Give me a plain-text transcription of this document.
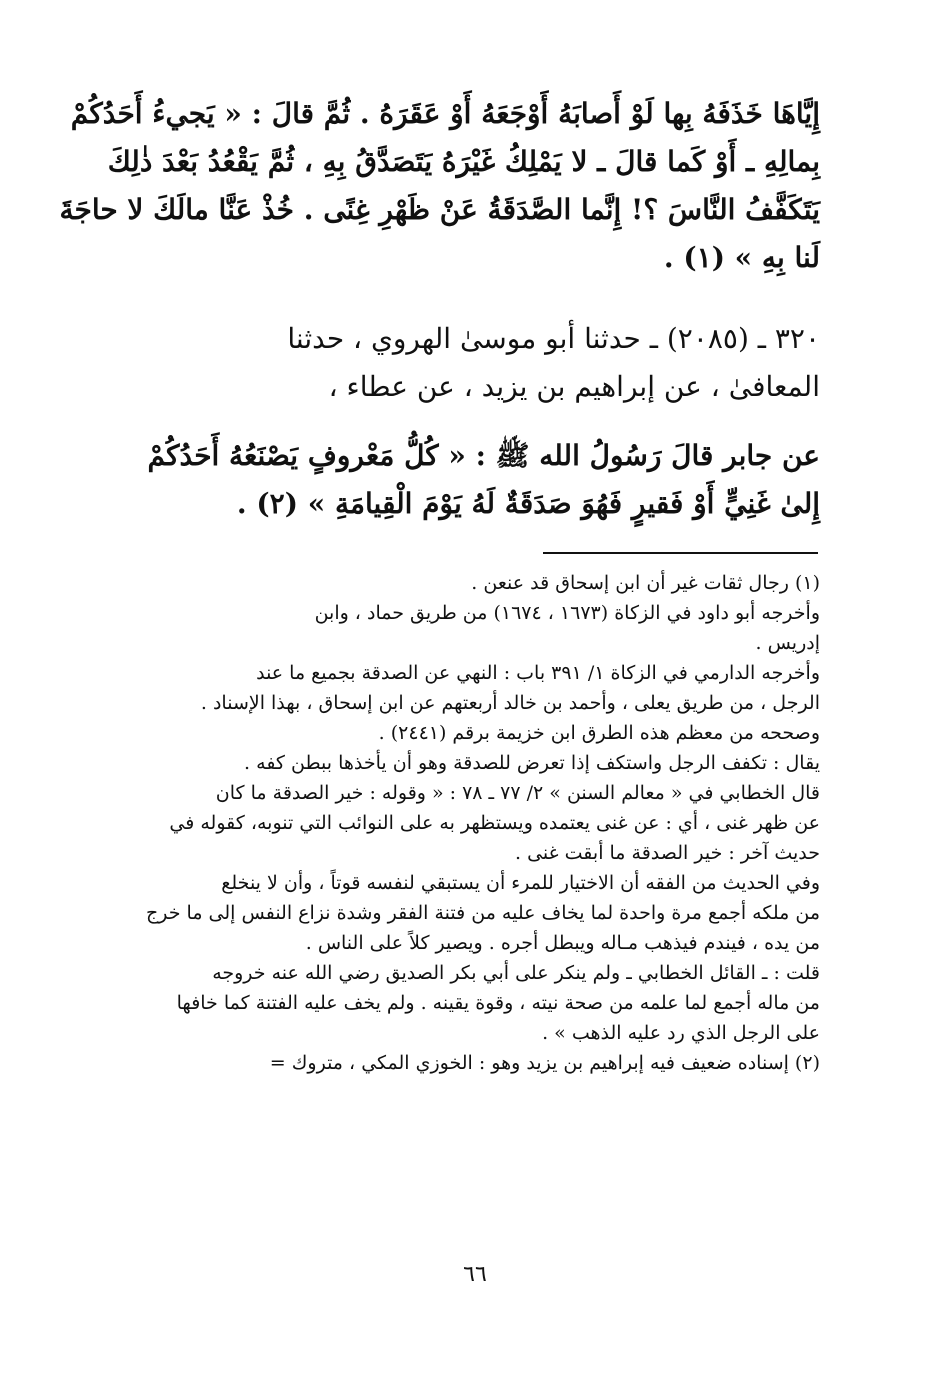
إِيَّاهَا خَذَفَهُ بِها لَوْ أَصابَهُ أَوْجَعَهُ أَوْ عَقَرَهُ . ثُمَّ قالَ : « يَجيءُ أَحَدُكُمْ
بِمالِهِ ـ أَوْ كَما قالَ ـ لا يَمْلِكُ غَيْرَهُ يَتَصَدَّقُ بِهِ ، ثُمَّ يَقْعُدُ بَعْدَ ذٰلِكَ
يَتَكَفَّفُ النَّاسَ ؟! إِنَّما الصَّدَقَةُ عَنْ ظَهْرِ غِنًى . خُذْ عَنَّا مالَكَ لا حاجَةَ
لَنا بِهِ » (١) .
٣٢٠ ـ (٢٠٨٥) ـ حدثنا أبو موسىٰ الهروي ، حدثنا
المعافىٰ ، عن إبراهيم بن يزيد ، عن عطاء ،
عن جابر قالَ رَسُولُ الله ﷺ : « كُلُّ مَعْروفٍ يَصْنَعُهُ أَحَدُكُمْ
إِلىٰ غَنِيٍّ أَوْ فَقيرٍ فَهُوَ صَدَقَةٌ لَهُ يَوْمَ الْقِيامَةِ » (٢) .
(١) رجال ثقات غير أن ابن إسحاق قد عنعن .
وأخرجه أبو داود في الزكاة (١٦٧٣ ، ١٦٧٤) من طريق حماد ، وابن
إدريس .
وأخرجه الدارمي في الزكاة ١/ ٣٩١ باب : النهي عن الصدقة بجميع ما عند
الرجل ، من طريق يعلى ، وأحمد بن خالد أربعتهم عن ابن إسحاق ، بهذا الإسناد .
وصححه من معظم هذه الطرق ابن خزيمة برقم (٢٤٤١) .
يقال : تكفف الرجل واستكف إذا تعرض للصدقة وهو أن يأخذها ببطن كفه .
قال الخطابي في « معالم السنن » ٢/ ٧٧ ـ ٧٨ : « وقوله : خير الصدقة ما كان
عن ظهر غنى ، أي : عن غنى يعتمده ويستظهر به على النوائب التي تنوبه، كقوله في
حديث آخر : خير الصدقة ما أبقت غنى .
وفي الحديث من الفقه أن الاختيار للمرء أن يستبقي لنفسه قوتاً ، وأن لا ينخلع
من ملكه أجمع مرة واحدة لما يخاف عليه من فتنة الفقر وشدة نزاع النفس إلى ما خرج
من يده ، فيندم فيذهب مـاله ويبطل أجره . ويصير كلاً على الناس .
قلت : ـ القائل الخطابي ـ ولم ينكر على أبي بكر الصديق رضي الله عنه خروجه
من ماله أجمع لما علمه من صحة نيته ، وقوة يقينه . ولم يخف عليه الفتنة كما خافها
على الرجل الذي رد عليه الذهب » .
(٢) إسناده ضعيف فيه إبراهيم بن يزيد وهو : الخوزي المكي ، متروك =
٦٦
